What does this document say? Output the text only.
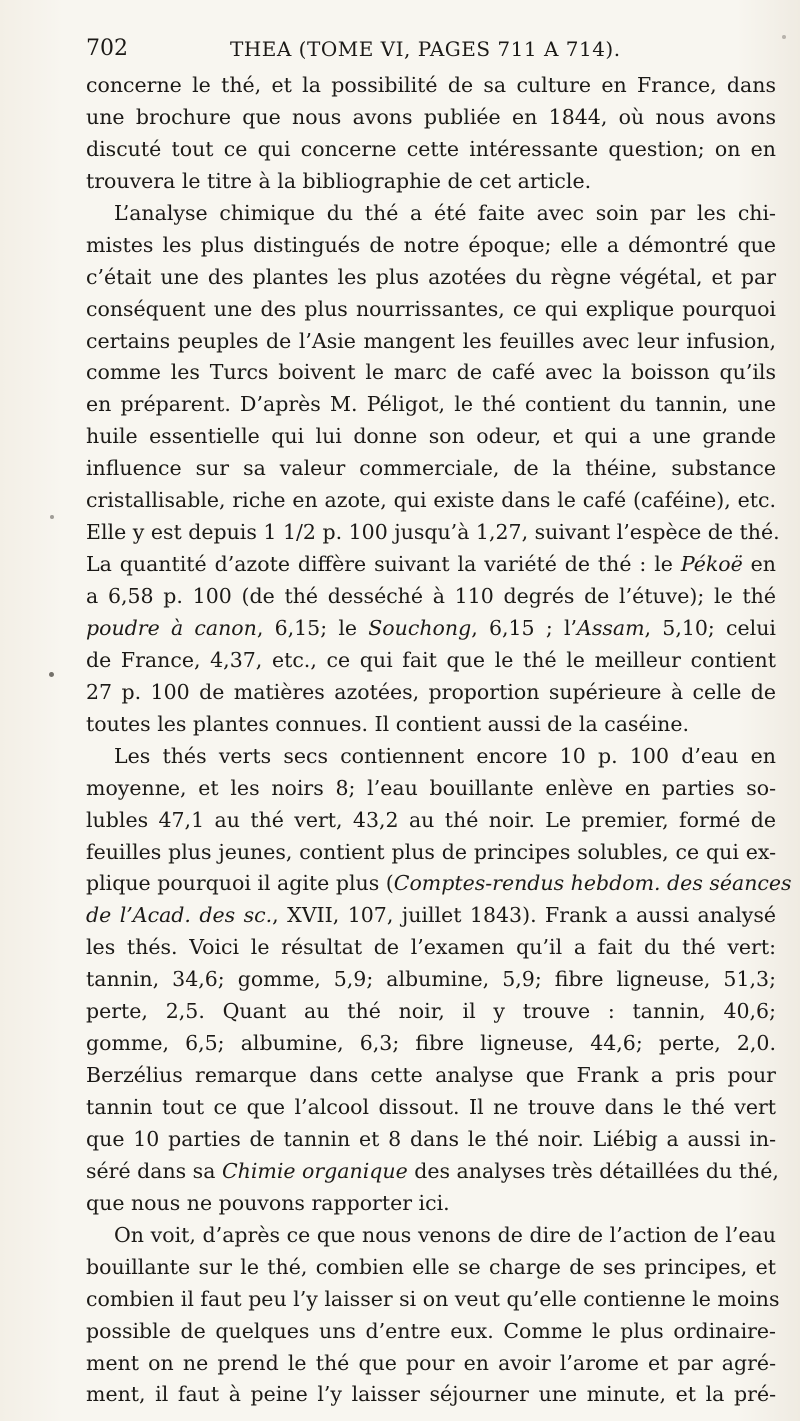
702	THEA (TOME VI, PAGES 711 A 714).
concerne le thé, et la possibilité de sa culture en France, dans
une brochure que nous avons publiée en 1844, où nous avons
discuté tout ce qui concerne cette intéressante question; on en
trouvera le titre à la bibliographie de cet article.
L’analyse chimique du thé a été faite avec soin par les chi-
mistes les plus distingués de notre époque; elle a démontré que
c’était une des plantes les plus azotées du règne végétal, et par
conséquent une des plus nourrissantes, ce qui explique pourquoi
certains peuples de l’Asie mangent les feuilles avec leur infusion,
comme les Turcs boivent le marc de café avec la boisson qu’ils
en préparent. D’après M. Péligot, le thé contient du tannin, une
huile essentielle qui lui donne son odeur, et qui a une grande
influence sur sa valeur commerciale, de la théine, substance
cristallisable, riche en azote, qui existe dans le café (caféine), etc.
Elle y est depuis 1 1/2 p. 100 jusqu’à 1,27, suivant l’espèce de thé.
La quantité d’azote diffère suivant la variété de thé : le Pékoë en
a 6,58 p. 100 (de thé desséché à 110 degrés de l’étuve); le thé
poudre à canon, 6,15; le Souchong, 6,15 ; l’Assam, 5,10; celui
de France, 4,37, etc., ce qui fait que le thé le meilleur contient
27 p. 100 de matières azotées, proportion supérieure à celle de
toutes les plantes connues. Il contient aussi de la caséine.
Les thés verts secs contiennent encore 10 p. 100 d’eau en
moyenne, et les noirs 8; l’eau bouillante enlève en parties so-
lubles 47,1 au thé vert, 43,2 au thé noir. Le premier, formé de
feuilles plus jeunes, contient plus de principes solubles, ce qui ex-
plique pourquoi il agite plus (Comptes-rendus hebdom. des séances
de l’Acad. des sc., XVII, 107, juillet 1843). Frank a aussi analysé
les thés. Voici le résultat de l’examen qu’il a fait du thé vert:
tannin, 34,6; gomme, 5,9; albumine, 5,9; fibre ligneuse, 51,3;
perte, 2,5. Quant au thé noir, il y trouve : tannin, 40,6;
gomme, 6,5; albumine, 6,3; fibre ligneuse, 44,6; perte, 2,0.
Berzélius remarque dans cette analyse que Frank a pris pour
tannin tout ce que l’alcool dissout. Il ne trouve dans le thé vert
que 10 parties de tannin et 8 dans le thé noir. Liébig a aussi in-
séré dans sa Chimie organique des analyses très détaillées du thé,
que nous ne pouvons rapporter ici.
On voit, d’après ce que nous venons de dire de l’action de l’eau
bouillante sur le thé, combien elle se charge de ses principes, et
combien il faut peu l’y laisser si on veut qu’elle contienne le moins
possible de quelques uns d’entre eux. Comme le plus ordinaire-
ment on ne prend le thé que pour en avoir l’arome et par agré-
ment, il faut à peine l’y laisser séjourner une minute, et la pré-
